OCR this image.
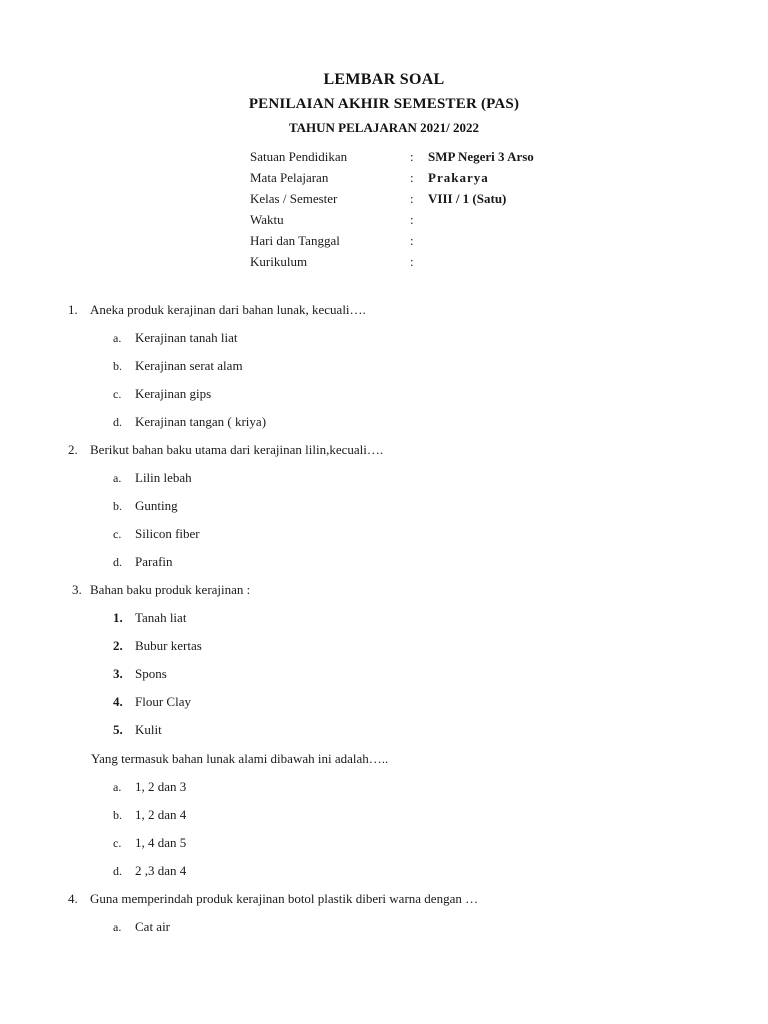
LEMBAR SOAL
PENILAIAN AKHIR SEMESTER (PAS)
TAHUN PELAJARAN 2021/ 2022
Satuan Pendidikan	: SMP Negeri 3 Arso
Mata Pelajaran	: Prakarya
Kelas / Semester	: VIII / 1 (Satu)
Waktu	:
Hari dan Tanggal	:
Kurikulum	:
1. Aneka produk kerajinan dari bahan lunak, kecuali….
a.	Kerajinan tanah liat
b.	Kerajinan serat alam
c.	Kerajinan gips
d.	Kerajinan tangan ( kriya)
2. Berikut bahan baku utama dari kerajinan lilin,kecuali….
a.	Lilin lebah
b.	Gunting
c.	Silicon fiber
d.	Parafin
3. Bahan baku produk kerajinan :
1. Tanah liat
2. Bubur kertas
3. Spons
4. Flour Clay
5. Kulit
Yang termasuk bahan lunak alami dibawah ini adalah…..
a.	1, 2 dan 3
b.	1, 2 dan 4
c.	1, 4 dan 5
d.	2 ,3 dan 4
4. Guna memperindah produk kerajinan botol plastik diberi warna dengan …
a.	Cat air
